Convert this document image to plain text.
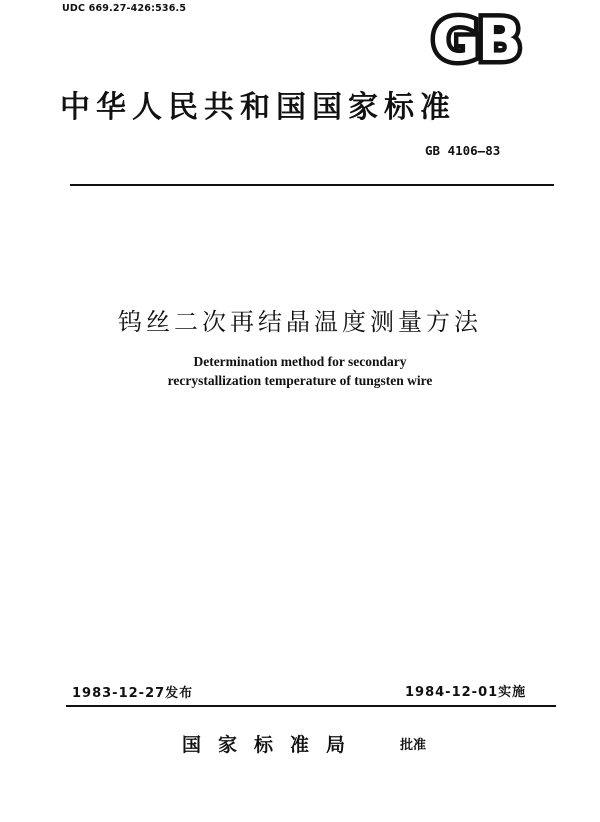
UDC 669.27-426:536.5	GB
中华人民共和国国家标准
GB 4106—83
钨丝二次再结晶温度测量方法
Determination method for secondary
recrystallization temperature of tungsten wire
1983-12-27发布	1984-12-01实施
国家标准局	批准
